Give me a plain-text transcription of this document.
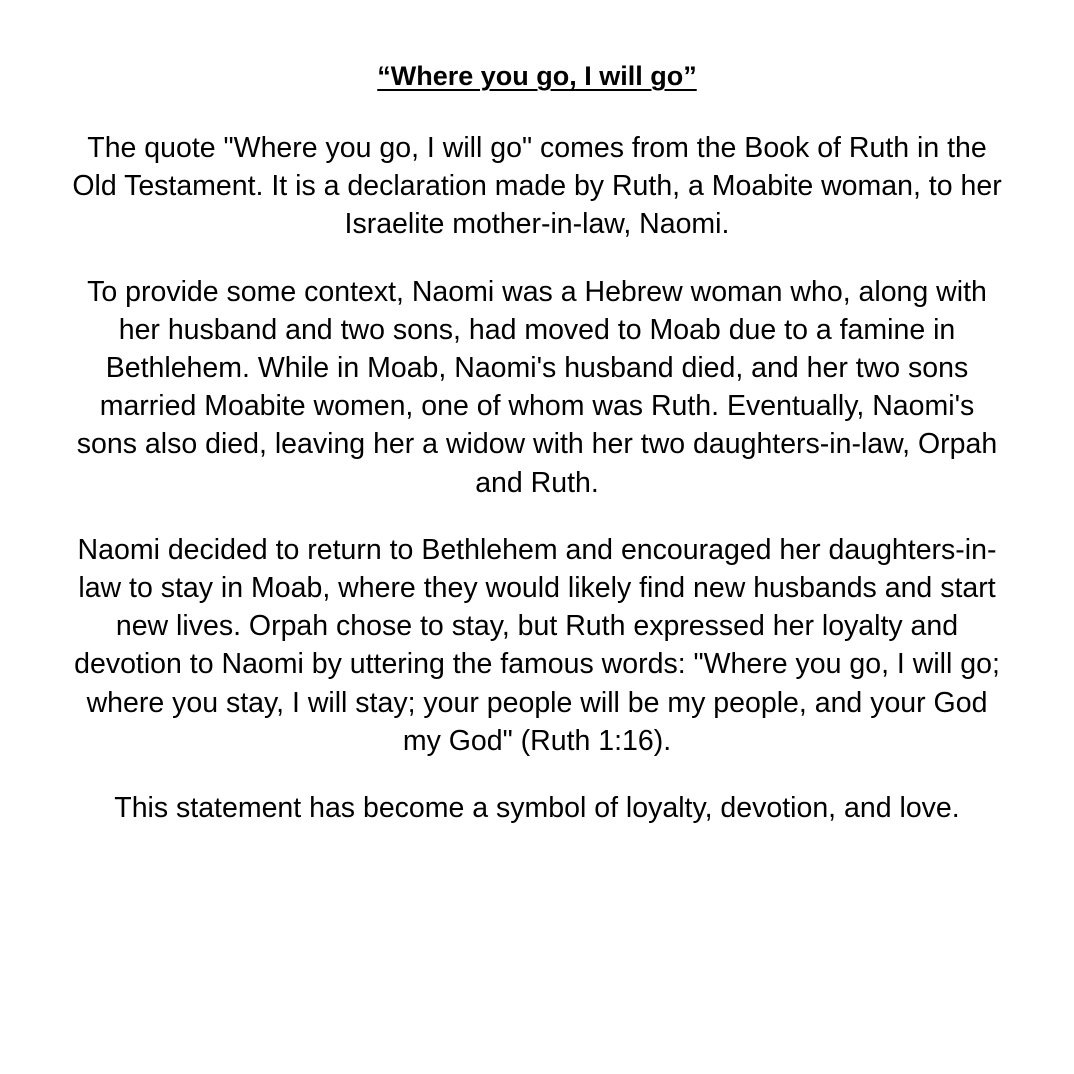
“Where you go, I will go”

The quote "Where you go, I will go" comes from the Book of Ruth in the Old Testament. It is a declaration made by Ruth, a Moabite woman, to her Israelite mother-in-law, Naomi.

To provide some context, Naomi was a Hebrew woman who, along with her husband and two sons, had moved to Moab due to a famine in Bethlehem. While in Moab, Naomi's husband died, and her two sons married Moabite women, one of whom was Ruth. Eventually, Naomi's sons also died, leaving her a widow with her two daughters-in-law, Orpah and Ruth.

Naomi decided to return to Bethlehem and encouraged her daughters-in-law to stay in Moab, where they would likely find new husbands and start new lives. Orpah chose to stay, but Ruth expressed her loyalty and devotion to Naomi by uttering the famous words: "Where you go, I will go; where you stay, I will stay; your people will be my people, and your God my God" (Ruth 1:16).

This statement has become a symbol of loyalty, devotion, and love.
